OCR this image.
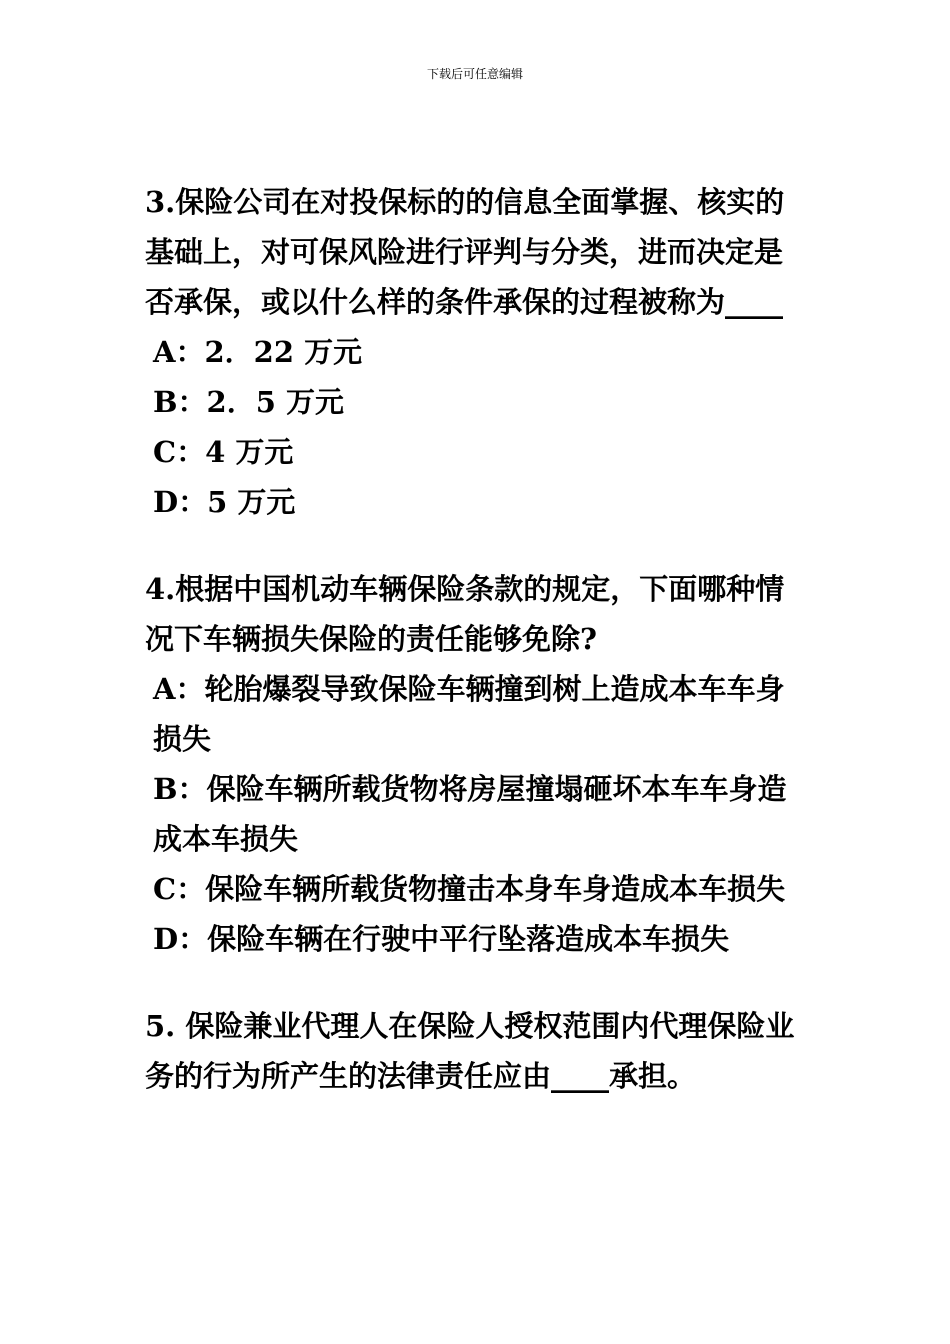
下载后可任意编辑

3.保险公司在对投保标的的信息全面掌握、核实的基础上，对可保风险进行评判与分类，进而决定是否承保，或以什么样的条件承保的过程被称为____

A：2．22 万元

B：2．5 万元

C：4 万元

D：5 万元

4.根据中国机动车辆保险条款的规定，下面哪种情况下车辆损失保险的责任能够免除?

A：轮胎爆裂导致保险车辆撞到树上造成本车车身损失

B：保险车辆所载货物将房屋撞塌砸坏本车车身造成本车损失

C：保险车辆所载货物撞击本身车身造成本车损失

D：保险车辆在行驶中平行坠落造成本车损失

5. 保险兼业代理人在保险人授权范围内代理保险业务的行为所产生的法律责任应由____承担。
